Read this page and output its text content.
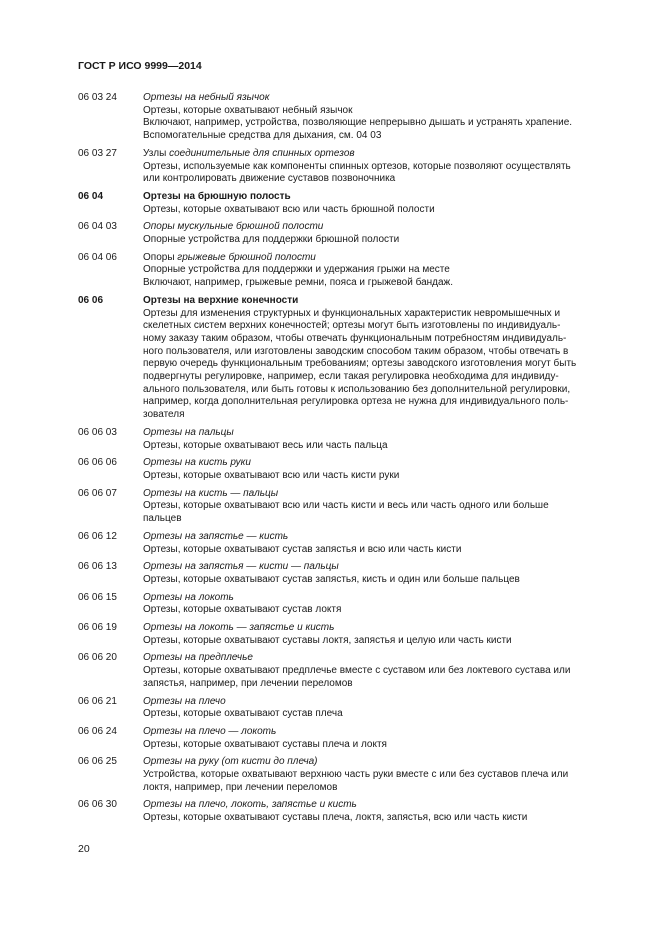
ГОСТ Р ИСО 9999—2014
06 03 24	Ортезы на небный язычок
Ортезы, которые охватывают небный язычок
Включают, например, устройства, позволяющие непрерывно дышать и устранять храпение.
Вспомогательные средства для дыхания, см. 04 03
06 03 27	Узлы соединительные для спинных ортезов
Ортезы, используемые как компоненты спинных ортезов, которые позволяют осуществлять
или контролировать движение суставов позвоночника
06 04	Ортезы на брюшную полость
Ортезы, которые охватывают всю или часть брюшной полости
06 04 03	Опоры мускульные брюшной полости
Опорные устройства для поддержки брюшной полости
06 04 06	Опоры грыжевые брюшной полости
Опорные устройства для поддержки и удержания грыжи на месте
Включают, например, грыжевые ремни, пояса и грыжевой бандаж.
06 06	Ортезы на верхние конечности
Ортезы для изменения структурных и функциональных характеристик невромышечных и
скелетных систем верхних конечностей; ортезы могут быть изготовлены по индивидуаль-
ному заказу таким образом, чтобы отвечать функциональным потребностям индивидуаль-
ного пользователя, или изготовлены заводским способом таким образом, чтобы отвечать в
первую очередь функциональным требованиям; ортезы заводского изготовления могут быть
подвергнуты регулировке, например, если такая регулировка необходима для индивиду-
ального пользователя, или быть готовы к использованию без дополнительной регулировки,
например, когда дополнительная регулировка ортеза не нужна для индивидуального поль-
зователя
06 06 03	Ортезы на пальцы
Ортезы, которые охватывают весь или часть пальца
06 06 06	Ортезы на кисть руки
Ортезы, которые охватывают всю или часть кисти руки
06 06 07	Ортезы на кисть — пальцы
Ортезы, которые охватывают всю или часть кисти и весь или часть одного или больше
пальцев
06 06 12	Ортезы на запястье — кисть
Ортезы, которые охватывают сустав запястья и всю или часть кисти
06 06 13	Ортезы на запястья — кисти — пальцы
Ортезы, которые охватывают сустав запястья, кисть и один или больше пальцев
06 06 15	Ортезы на локоть
Ортезы, которые охватывают сустав локтя
06 06 19	Ортезы на локоть — запястье и кисть
Ортезы, которые охватывают суставы локтя, запястья и целую или часть кисти
06 06 20	Ортезы на предплечье
Ортезы, которые охватывают предплечье вместе с суставом или без локтевого сустава или
запястья, например, при лечении переломов
06 06 21	Ортезы на плечо
Ортезы, которые охватывают сустав плеча
06 06 24	Ортезы на плечо — локоть
Ортезы, которые охватывают суставы плеча и локтя
06 06 25	Ортезы на руку (от кисти до плеча)
Устройства, которые охватывают верхнюю часть руки вместе с или без суставов плеча или
локтя, например, при лечении переломов
06 06 30	Ортезы на плечо, локоть, запястье и кисть
Ортезы, которые охватывают суставы плеча, локтя, запястья, всю или часть кисти
20
